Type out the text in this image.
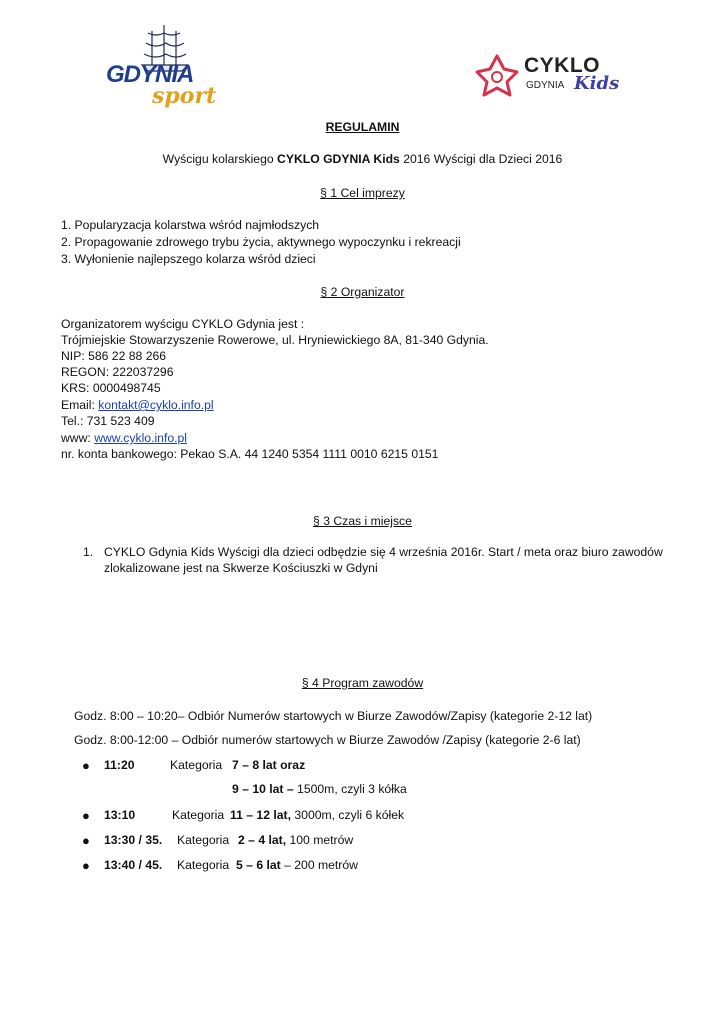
GDYNIA
sport
CYKLO
GDYNIA Kids
REGULAMIN
Wyścigu kolarskiego CYKLO GDYNIA Kids 2016 Wyścigi dla Dzieci 2016
§ 1 Cel imprezy
1. Popularyzacja kolarstwa wśród najmłodszych
2. Propagowanie zdrowego trybu życia, aktywnego wypoczynku i rekreacji
3. Wyłonienie najlepszego kolarza wśród dzieci
§ 2 Organizator
Organizatorem wyścigu CYKLO Gdynia jest :
Trójmiejskie Stowarzyszenie Rowerowe, ul. Hryniewickiego 8A, 81-340 Gdynia.
NIP: 586 22 88 266
REGON: 222037296
KRS: 0000498745
Email: kontakt@cyklo.info.pl
Tel.: 731 523 409
www: www.cyklo.info.pl
nr. konta bankowego: Pekao S.A. 44 1240 5354 1111 0010 6215 0151
§ 3 Czas i miejsce
1. CYKLO Gdynia Kids Wyścigi dla dzieci odbędzie się 4 września 2016r. Start / meta oraz biuro zawodów
zlokalizowane jest na Skwerze Kościuszki w Gdyni
§ 4 Program zawodów
Godz. 8:00 – 10:20– Odbiór Numerów startowych w Biurze Zawodów/Zapisy (kategorie 2-12 lat)
Godz. 8:00-12:00 – Odbiór numerów startowych w Biurze Zawodów /Zapisy (kategorie 2-6 lat)
● 11:20	Kategoria 7 – 8 lat oraz
9 – 10 lat – 1500m, czyli 3 kółka
● 13:10	Kategoria 11 – 12 lat, 3000m, czyli 6 kółek
● 13:30 / 35. Kategoria 2 – 4 lat, 100 metrów
● 13:40 / 45. Kategoria 5 – 6 lat – 200 metrów
